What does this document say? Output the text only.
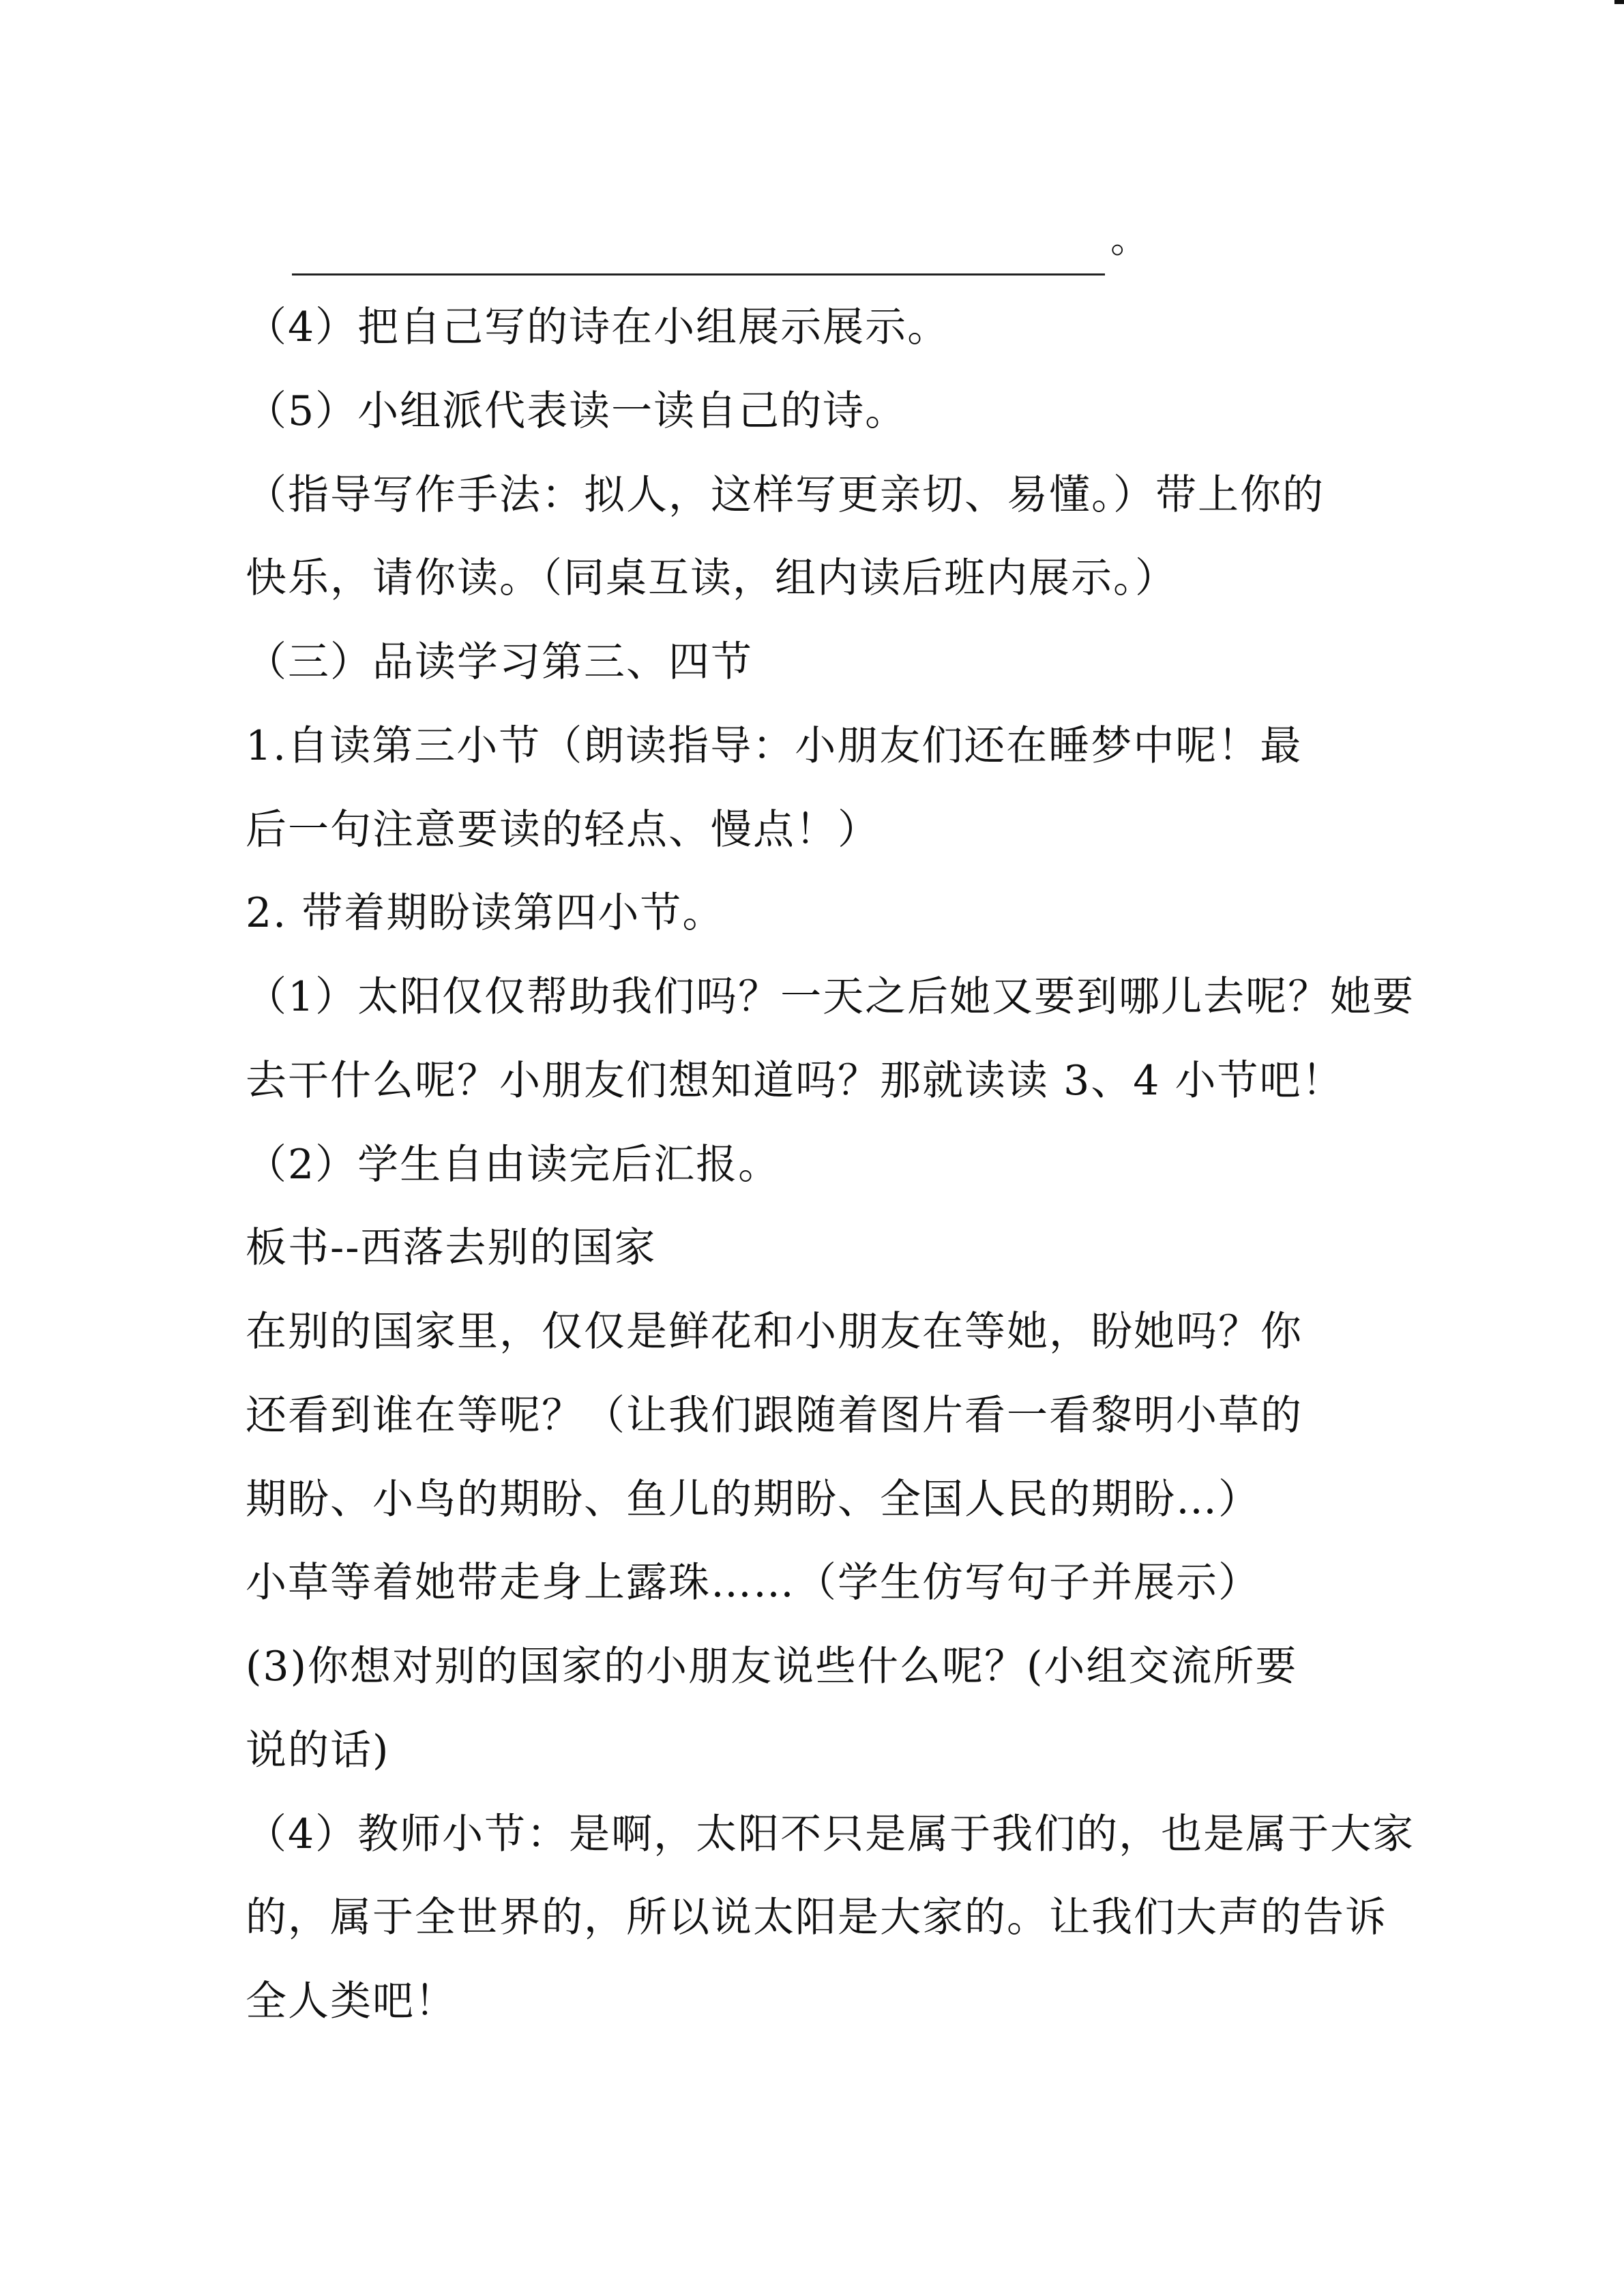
。
（4）把自己写的诗在小组展示展示。
（5）小组派代表读一读自己的诗。
（指导写作手法：拟人，这样写更亲切、易懂。）带上你的
快乐，请你读。（同桌互读，组内读后班内展示。）
（三）品读学习第三、四节
1.自读第三小节（朗读指导：小朋友们还在睡梦中呢！最
后一句注意要读的轻点、慢点！）
2. 带着期盼读第四小节。
（1）太阳仅仅帮助我们吗？一天之后她又要到哪儿去呢？她要
去干什么呢？小朋友们想知道吗？那就读读 3、4 小节吧！
（2）学生自由读完后汇报。
板书--西落去别的国家
在别的国家里，仅仅是鲜花和小朋友在等她，盼她吗？你
还看到谁在等呢？（让我们跟随着图片看一看黎明小草的
期盼、小鸟的期盼、鱼儿的期盼、全国人民的期盼…）
小草等着她带走身上露珠……（学生仿写句子并展示）
(3)你想对别的国家的小朋友说些什么呢？(小组交流所要
说的话)
（4）教师小节：是啊，太阳不只是属于我们的，也是属于大家
的，属于全世界的，所以说太阳是大家的。让我们大声的告诉
全人类吧！
